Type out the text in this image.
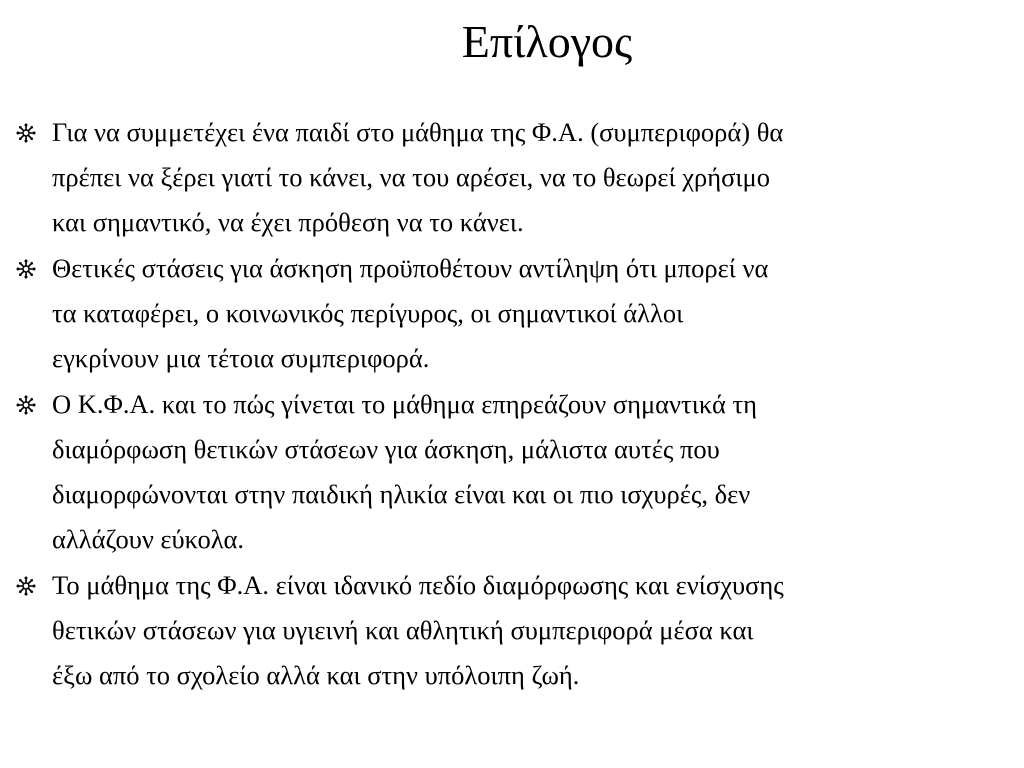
Επίλογος
Για να συμμετέχει ένα παιδί στο μάθημα της Φ.Α. (συμπεριφορά) θα
πρέπει να ξέρει γιατί το κάνει, να του αρέσει, να το θεωρεί χρήσιμο
και σημαντικό, να έχει πρόθεση να το κάνει.
Θετικές στάσεις για άσκηση προϋποθέτουν αντίληψη ότι μπορεί να
τα καταφέρει, ο κοινωνικός περίγυρος, οι σημαντικοί άλλοι
εγκρίνουν μια τέτοια συμπεριφορά.
Ο Κ.Φ.Α. και το πώς γίνεται το μάθημα επηρεάζουν σημαντικά τη
διαμόρφωση θετικών στάσεων για άσκηση, μάλιστα αυτές που
διαμορφώνονται στην παιδική ηλικία είναι και οι πιο ισχυρές, δεν
αλλάζουν εύκολα.
Το μάθημα της Φ.Α. είναι ιδανικό πεδίο διαμόρφωσης και ενίσχυσης
θετικών στάσεων για υγιεινή και αθλητική συμπεριφορά μέσα και
έξω από το σχολείο αλλά και στην υπόλοιπη ζωή.
